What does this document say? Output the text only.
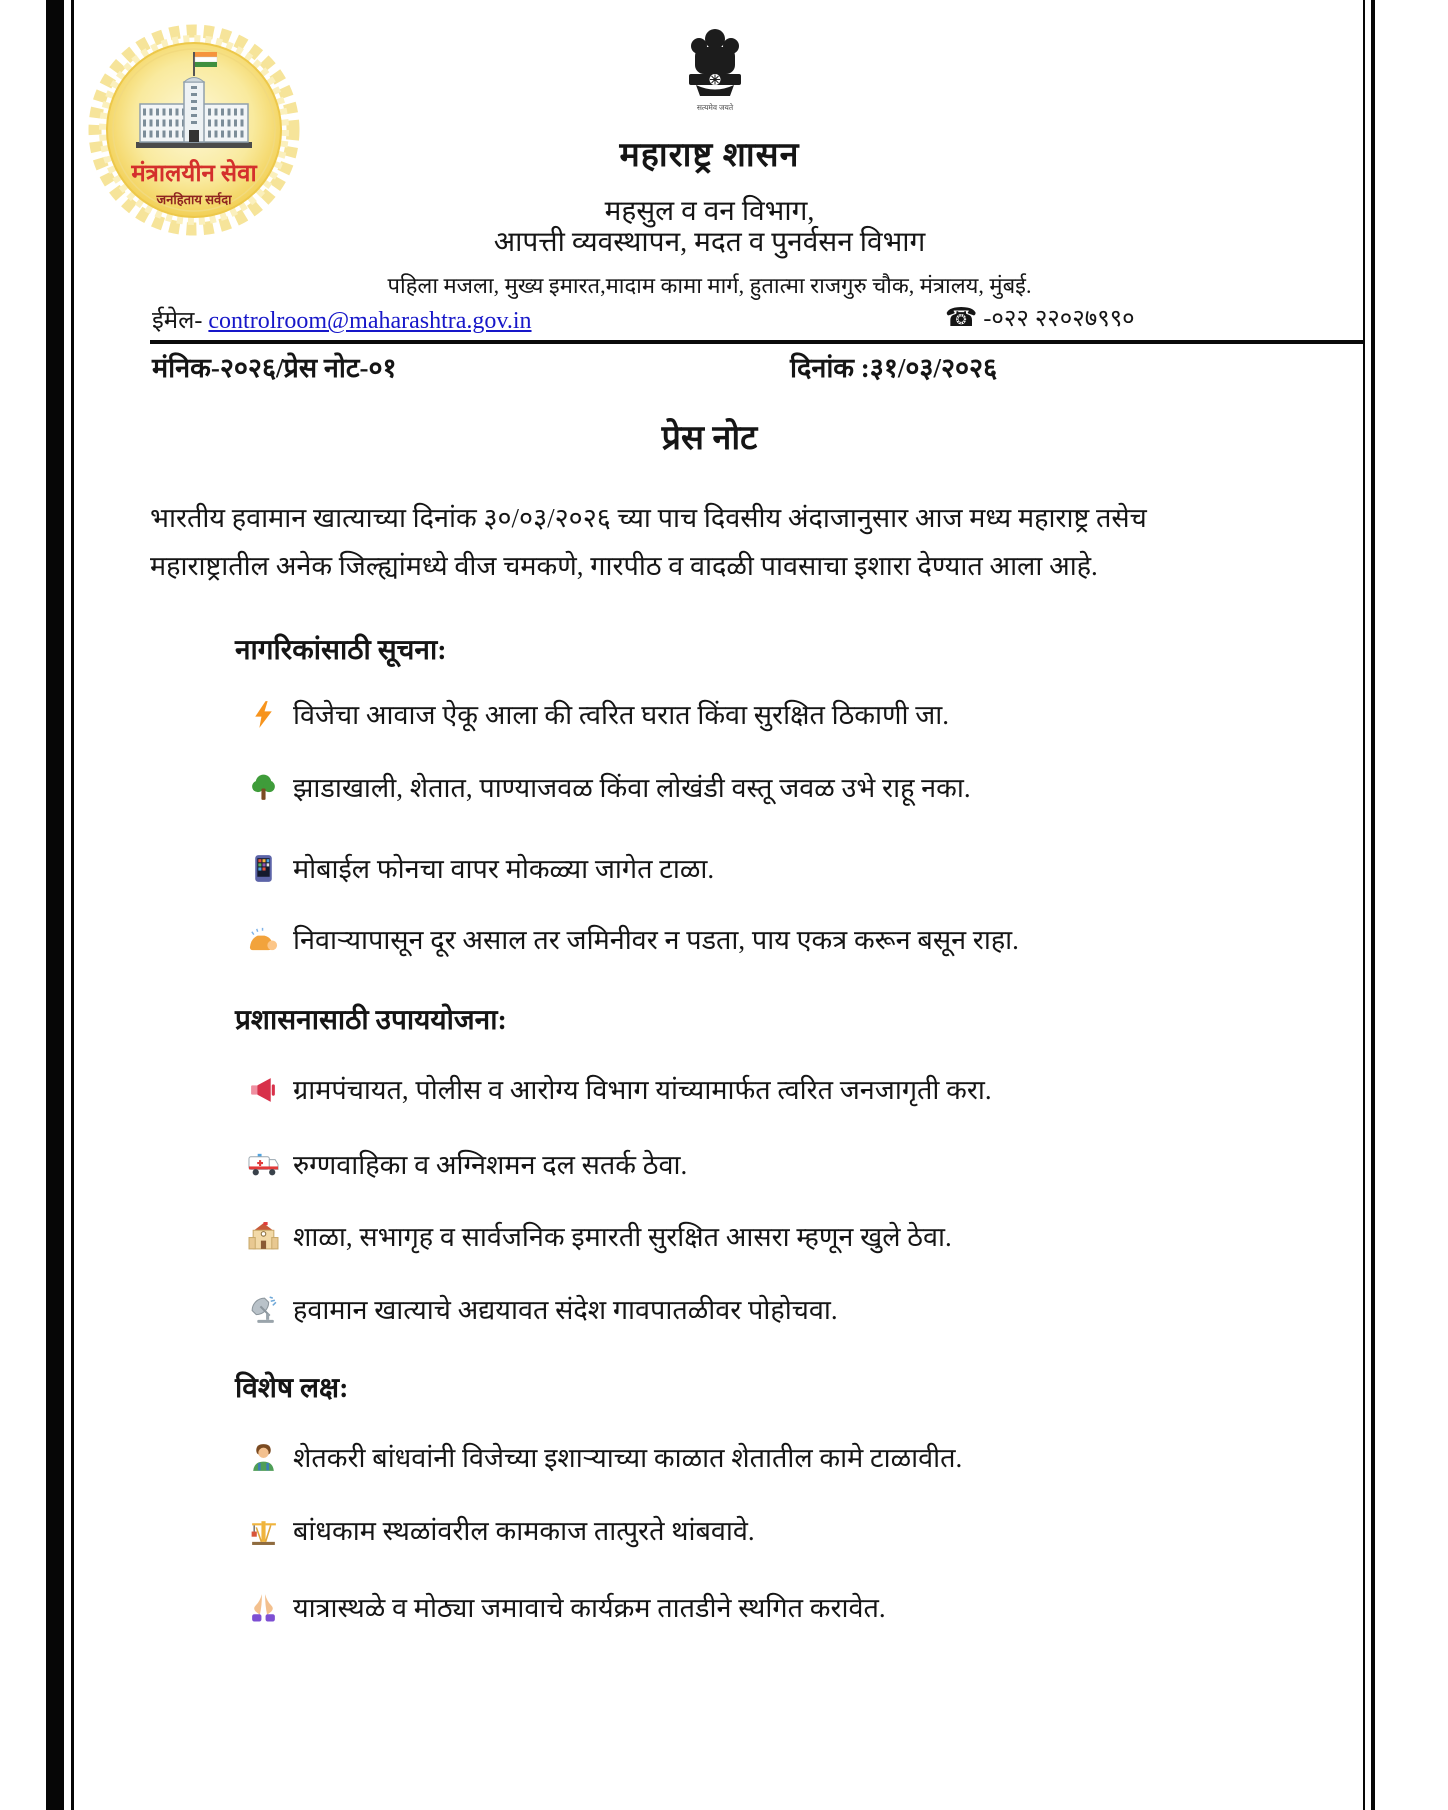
मंत्रालयीन सेवा
जनहिताय सर्वदा
सत्यमेव जयते
महाराष्ट्र शासन
महसुल व वन विभाग,
आपत्ती व्यवस्थापन, मदत व पुनर्वसन विभाग
पहिला मजला, मुख्य इमारत,मादाम कामा मार्ग, हुतात्मा राजगुरु चौक, मंत्रालय, मुंबई.
ईमेल- controlroom@maharashtra.gov.in	☎ -०२२ २२०२७९९०
मंनिक-२०२६/प्रेस नोट-०१	दिनांक :३१/०३/२०२६
प्रेस नोट
भारतीय हवामान खात्याच्या दिनांक ३०/०३/२०२६ च्या पाच दिवसीय अंदाजानुसार आज मध्य महाराष्ट्र तसेच महाराष्ट्रातील अनेक जिल्ह्यांमध्ये वीज चमकणे, गारपीठ व वादळी पावसाचा इशारा देण्यात आला आहे.
नागरिकांसाठी सूचना:
विजेचा आवाज ऐकू आला की त्वरित घरात किंवा सुरक्षित ठिकाणी जा.
झाडाखाली, शेतात, पाण्याजवळ किंवा लोखंडी वस्तू जवळ उभे राहू नका.
मोबाईल फोनचा वापर मोकळ्या जागेत टाळा.
निवाऱ्यापासून दूर असाल तर जमिनीवर न पडता, पाय एकत्र करून बसून राहा.
प्रशासनासाठी उपाययोजना:
ग्रामपंचायत, पोलीस व आरोग्य विभाग यांच्यामार्फत त्वरित जनजागृती करा.
रुग्णवाहिका व अग्निशमन दल सतर्क ठेवा.
शाळा, सभागृह व सार्वजनिक इमारती सुरक्षित आसरा म्हणून खुले ठेवा.
हवामान खात्याचे अद्ययावत संदेश गावपातळीवर पोहोचवा.
विशेष लक्ष:
शेतकरी बांधवांनी विजेच्या इशाऱ्याच्या काळात शेतातील कामे टाळावीत.
बांधकाम स्थळांवरील कामकाज तात्पुरते थांबवावे.
यात्रास्थळे व मोठ्या जमावाचे कार्यक्रम तातडीने स्थगित करावेत.
